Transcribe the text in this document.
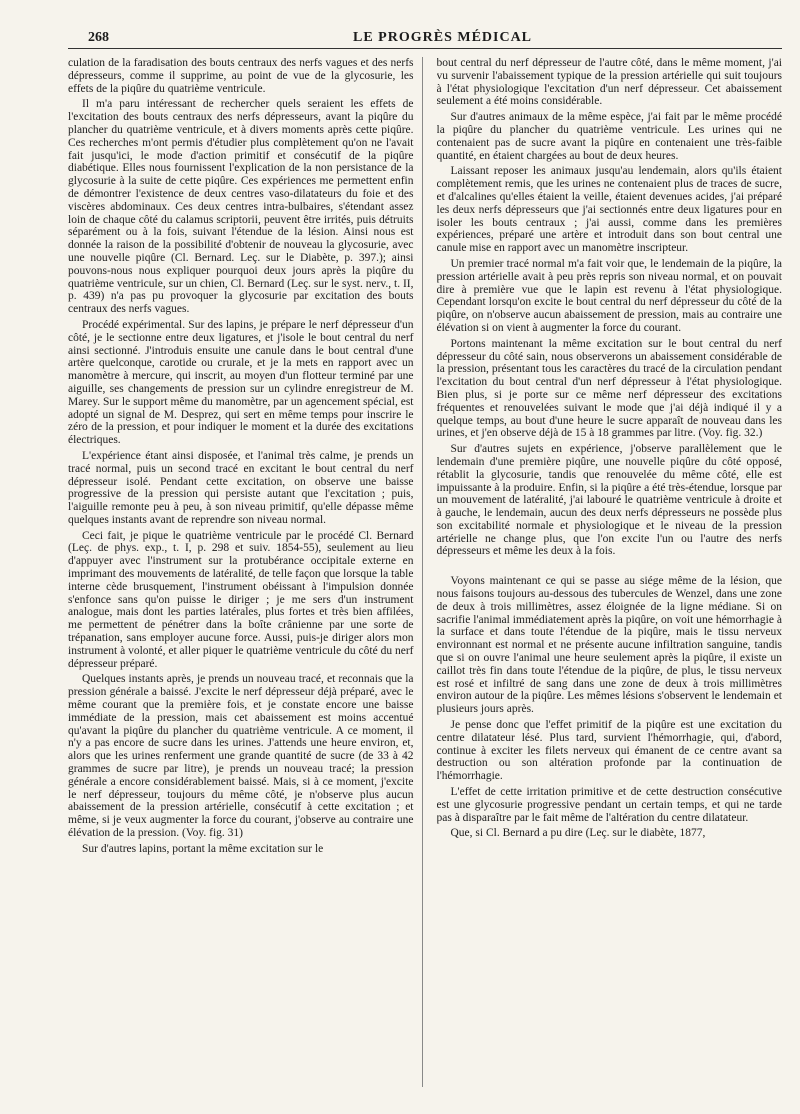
268	LE PROGRÈS MÉDICAL

culation de la faradisation des bouts centraux des nerfs vagues et des nerfs dépresseurs, comme il supprime, au point de vue de la glycosurie, les effets de la piqûre du quatrième ventricule.

Il m'a paru intéressant de rechercher quels seraient les effets de l'excitation des bouts centraux des nerfs dépresseurs, avant la piqûre du plancher du quatrième ventricule, et à divers moments après cette piqûre. Ces recherches m'ont permis d'étudier plus complètement qu'on ne l'avait fait jusqu'ici, le mode d'action primitif et consécutif de la piqûre diabétique. Elles nous fournissent l'explication de la non persistance de la glycosurie à la suite de cette piqûre. Ces expériences me permettent enfin de démontrer l'existence de deux centres vaso-dilatateurs du foie et des viscères abdominaux. Ces deux centres intra-bulbaires, s'étendant assez loin de chaque côté du calamus scriptorii, peuvent être irrités, puis détruits séparément ou à la fois, suivant l'étendue de la lésion. Ainsi nous est donnée la raison de la possibilité d'obtenir de nouveau la glycosurie, avec une nouvelle piqûre (Cl. Bernard. Leç. sur le Diabète, p. 397.); ainsi pouvons-nous nous expliquer pourquoi deux jours après la piqûre du quatrième ventricule, sur un chien, Cl. Bernard (Leç. sur le syst. nerv., t. II, p. 439) n'a pas pu provoquer la glycosurie par excitation des bouts centraux des nerfs vagues.

Procédé expérimental. Sur des lapins, je prépare le nerf dépresseur d'un côté, je le sectionne entre deux ligatures, et j'isole le bout central du nerf ainsi sectionné. J'introduis ensuite une canule dans le bout central d'une artère quelconque, carotide ou crurale, et je la mets en rapport avec un manomètre à mercure, qui inscrit, au moyen d'un flotteur terminé par une aiguille, ses changements de pression sur un cylindre enregistreur de M. Marey. Sur le support même du manomètre, par un agencement spécial, est adopté un signal de M. Desprez, qui sert en même temps pour inscrire le zéro de la pression, et pour indiquer le moment et la durée des excitations électriques.

L'expérience étant ainsi disposée, et l'animal très calme, je prends un tracé normal, puis un second tracé en excitant le bout central du nerf dépresseur isolé. Pendant cette excitation, on observe une baisse progressive de la pression qui persiste autant que l'excitation ; puis, l'aiguille remonte peu à peu, à son niveau primitif, qu'elle dépasse même quelques instants avant de reprendre son niveau normal.

Ceci fait, je pique le quatrième ventricule par le procédé Cl. Bernard (Leç. de phys. exp., t. I, p. 298 et suiv. 1854-55), seulement au lieu d'appuyer avec l'instrument sur la protubérance occipitale externe en imprimant des mouvements de latéralité, de telle façon que lorsque la table interne cède brusquement, l'instrument obéissant à l'impulsion donnée s'enfonce sans qu'on puisse le diriger ; je me sers d'un instrument analogue, mais dont les parties latérales, plus fortes et très bien affilées, me permettent de pénétrer dans la boîte crânienne par une sorte de trépanation, sans employer aucune force. Aussi, puis-je diriger alors mon instrument à volonté, et aller piquer le quatrième ventricule du côté du nerf dépresseur préparé.

Quelques instants après, je prends un nouveau tracé, et reconnais que la pression générale a baissé. J'excite le nerf dépresseur déjà préparé, avec le même courant que la première fois, et je constate encore une baisse immédiate de la pression, mais cet abaissement est moins accentué qu'avant la piqûre du plancher du quatrième ventricule. A ce moment, il n'y a pas encore de sucre dans les urines. J'attends une heure environ, et, alors que les urines renferment une grande quantité de sucre (de 33 à 42 grammes de sucre par litre), je prends un nouveau tracé; la pression générale a encore considérablement baissé. Mais, si à ce moment, j'excite le nerf dépresseur, toujours du même côté, je n'observe plus aucun abaissement de la pression artérielle, consécutif à cette excitation ; et même, si je veux augmenter la force du courant, j'observe au contraire une élévation de la pression. (Voy. fig. 31)

Sur d'autres lapins, portant la même excitation sur le

bout central du nerf dépresseur de l'autre côté, dans le même moment, j'ai vu survenir l'abaissement typique de la pression artérielle qui suit toujours à l'état physiologique l'excitation d'un nerf dépresseur. Cet abaissement seulement a été moins considérable.

Sur d'autres animaux de la même espèce, j'ai fait par le même procédé la piqûre du plancher du quatrième ventricule. Les urines qui ne contenaient pas de sucre avant la piqûre en contenaient une très-faible quantité, en étaient chargées au bout de deux heures.

Laissant reposer les animaux jusqu'au lendemain, alors qu'ils étaient complètement remis, que les urines ne contenaient plus de traces de sucre, et d'alcalines qu'elles étaient la veille, étaient devenues acides, j'ai préparé les deux nerfs dépresseurs que j'ai sectionnés entre deux ligatures pour en isoler les bouts centraux ; j'ai aussi, comme dans les premières expériences, préparé une artère et introduit dans son bout central une canule mise en rapport avec un manomètre inscripteur.

Un premier tracé normal m'a fait voir que, le lendemain de la piqûre, la pression artérielle avait à peu près repris son niveau normal, et on pouvait dire à première vue que le lapin est revenu à l'état physiologique. Cependant lorsqu'on excite le bout central du nerf dépresseur du côté de la piqûre, on n'observe aucun abaissement de pression, mais au contraire une élévation si on vient à augmenter la force du courant.

Portons maintenant la même excitation sur le bout central du nerf dépresseur du côté sain, nous observerons un abaissement considérable de la pression, présentant tous les caractères du tracé de la circulation pendant l'excitation du bout central d'un nerf dépresseur à l'état physiologique. Bien plus, si je porte sur ce même nerf dépresseur des excitations fréquentes et renouvelées suivant le mode que j'ai déjà indiqué il y a quelque temps, au bout d'une heure le sucre apparaît de nouveau dans les urines, et j'en observe déjà de 15 à 18 grammes par litre. (Voy. fig. 32.)

Sur d'autres sujets en expérience, j'observe parallèlement que le lendemain d'une première piqûre, une nouvelle piqûre du côté opposé, rétablit la glycosurie, tandis que renouvelée du même côté, elle est impuissante à la produire. Enfin, si la piqûre a été très-étendue, lorsque par un mouvement de latéralité, j'ai labouré le quatrième ventricule à droite et à gauche, le lendemain, aucun des deux nerfs dépresseurs ne possède plus son excitabilité normale et physiologique et le niveau de la pression artérielle ne change plus, que l'on excite l'un ou l'autre des nerfs dépresseurs et même les deux à la fois.

Voyons maintenant ce qui se passe au siége même de la lésion, que nous faisons toujours au-dessous des tubercules de Wenzel, dans une zone de deux à trois millimètres, assez éloignée de la ligne médiane. Si on sacrifie l'animal immédiatement après la piqûre, on voit une hémorrhagie à la surface et dans toute l'étendue de la piqûre, mais le tissu nerveux environnant est normal et ne présente aucune infiltration sanguine, tandis que si on ouvre l'animal une heure seulement après la piqûre, il existe un caillot très fin dans toute l'étendue de la piqûre, de plus, le tissu nerveux est rosé et infiltré de sang dans une zone de deux à trois millimètres environ autour de la piqûre. Les mêmes lésions s'observent le lendemain et plusieurs jours après.

Je pense donc que l'effet primitif de la piqûre est une excitation du centre dilatateur lésé. Plus tard, survient l'hémorrhagie, qui, d'abord, continue à exciter les filets nerveux qui émanent de ce centre avant sa destruction ou son altération profonde par la continuation de l'hémorrhagie.

L'effet de cette irritation primitive et de cette destruction consécutive est une glycosurie progressive pendant un certain temps, et qui ne tarde pas à disparaître par le fait même de l'altération du centre dilatateur.

Que, si Cl. Bernard a pu dire (Leç. sur le diabète, 1877,
